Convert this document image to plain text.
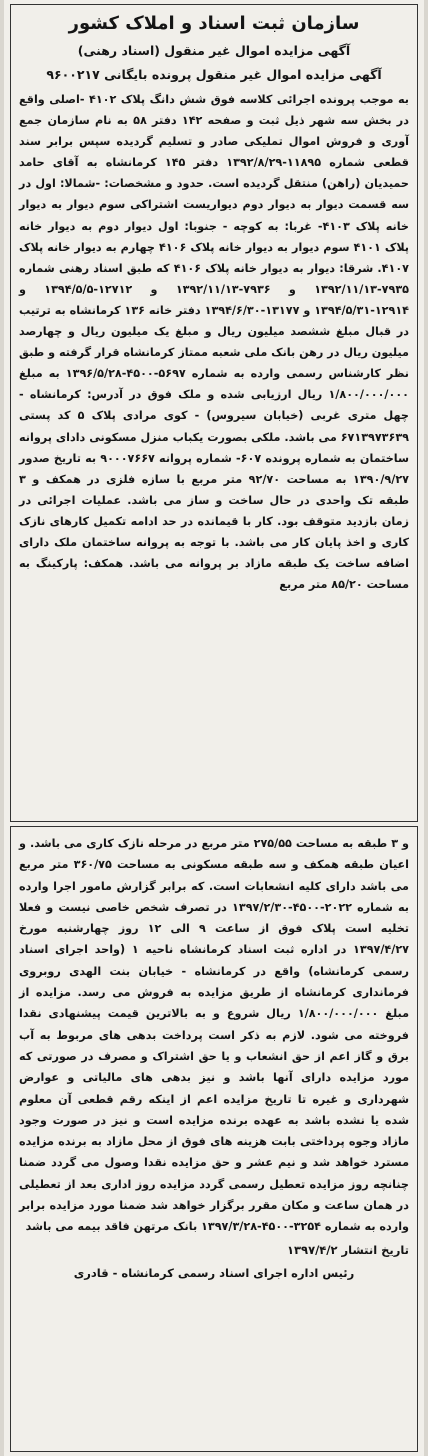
سازمان ثبت اسناد و املاک کشور
آگهی مزایده اموال غیر منقول (اسناد رهنی)
آگهی مزایده اموال غیر منقول پرونده بایگانی ۹۶۰۰۲۱۷

به موجب پرونده اجرائی کلاسه فوق شش دانگ پلاک ۴۱۰۲ -اصلی واقع در بخش سه شهر ذیل ثبت و صفحه ۱۴۲ دفتر ۵۸ به نام سازمان جمع آوری و فروش اموال تملیکی صادر و تسلیم گردیده سپس برابر سند قطعی شماره ۱۱۸۹۵-۱۳۹۲/۸/۲۹ دفتر ۱۴۵ کرمانشاه به آقای حامد حمیدیان (راهن) منتقل گردیده است. حدود و مشخصات: -شمالا: اول در سه قسمت دیوار به دیوار دوم دیواریست اشتراکی سوم دیوار به دیوار خانه پلاک ۴۱۰۳- غربا: به کوچه - جنوبا: اول دیوار دوم به دیوار خانه پلاک ۴۱۰۱ سوم دیوار به دیوار خانه پلاک ۴۱۰۶ چهارم به دیوار خانه پلاک ۴۱۰۷. شرقا: دیوار به دیوار خانه پلاک ۴۱۰۶ که طبق اسناد رهنی شماره ۷۹۳۵-۱۳۹۲/۱۱/۱۳ و ۷۹۳۶-۱۳۹۲/۱۱/۱۳ و ۱۲۷۱۲-۱۳۹۴/۵/۵ و ۱۲۹۱۴-۱۳۹۴/۵/۳۱ و ۱۳۱۷۷-۱۳۹۴/۶/۳۰ دفتر خانه ۱۳۶ کرمانشاه به ترتیب در قبال مبلغ ششصد میلیون ریال و مبلغ یک میلیون ریال و چهارصد میلیون ریال در رهن بانک ملی شعبه ممتاز کرمانشاه قرار گرفته و طبق نظر کارشناس رسمی وارده به شماره ۵۶۹۷-۴۵۰۰-۱۳۹۶/۵/۲۸ به مبلغ ۱/۸۰۰/۰۰۰/۰۰۰ ریال ارزیابی شده و ملک فوق در آدرس: کرمانشاه - چهل متری غربی (خیابان سیروس) - کوی مرادی پلاک ۵ کد پستی ۶۷۱۳۹۷۳۶۳۹ می باشد. ملکی بصورت یکباب منزل مسکونی دادای پروانه ساختمان به شماره پرونده ۶۰۷- شماره پروانه ۹۰۰۰۷۶۶۷ به تاریخ صدور ۱۳۹۰/۹/۲۷ به مساحت ۹۲/۷۰ متر مربع با سازه فلزی در همکف و ۳ طبقه تک واحدی در حال ساخت و ساز می باشد. عملیات اجرائی در زمان بازدید متوقف بود. کار با قیمانده در حد ادامه تکمیل کارهای نازک کاری و اخذ پایان کار می باشد. با توجه به پروانه ساختمان ملک دارای اضافه ساخت یک طبقه مازاد بر پروانه می باشد. همکف: پارکینگ به مساحت ۸۵/۲۰ متر مربع

و ۳ طبقه به مساحت ۲۷۵/۵۵ متر مربع در مرحله نازک کاری می باشد. و اعیان طبقه همکف و سه طبقه مسکونی به مساحت ۳۶۰/۷۵ متر مربع می باشد دارای کلیه انشعابات است. که برابر گزارش مامور اجرا وارده به شماره ۲۰۲۲-۴۵۰۰-۱۳۹۷/۲/۳۰ در تصرف شخص خاصی نیست و فعلا تخلیه است پلاک فوق از ساعت ۹ الی ۱۲ روز چهارشنبه مورخ ۱۳۹۷/۴/۲۷ در اداره ثبت اسناد کرمانشاه ناحیه ۱ (واحد اجرای اسناد رسمی کرمانشاه) واقع در کرمانشاه - خیابان بنت الهدی روبروی فرمانداری کرمانشاه از طریق مزایده به فروش می رسد. مزایده از مبلغ ۱/۸۰۰/۰۰۰/۰۰۰ ریال شروع و به بالاترین قیمت پیشنهادی نقدا فروخته می شود. لازم به ذکر است پرداخت بدهی های مربوط به آب برق و گاز اعم از حق انشعاب و یا حق اشتراک و مصرف در صورتی که مورد مزایده دارای آنها باشد و نیز بدهی های مالیاتی و عوارض شهرداری و غیره تا تاریخ مزایده اعم از اینکه رقم قطعی آن معلوم شده یا نشده باشد به عهده برنده مزایده است و نیز در صورت وجود مازاد وجوه پرداختی بابت هزینه های فوق از محل مازاد به برنده مزایده مسترد خواهد شد و نیم عشر و حق مزایده نقدا وصول می گردد ضمنا چنانچه روز مزایده تعطیل رسمی گردد مزایده روز اداری بعد از تعطیلی در همان ساعت و مکان مقرر برگزار خواهد شد ضمنا مورد مزایده برابر وارده به شماره ۳۲۵۴-۴۵۰۰-۱۳۹۷/۳/۲۸ بانک مرتهن فاقد بیمه می باشد

تاریخ انتشار ۱۳۹۷/۴/۲
رئیس اداره اجرای اسناد رسمی کرمانشاه - قادری
